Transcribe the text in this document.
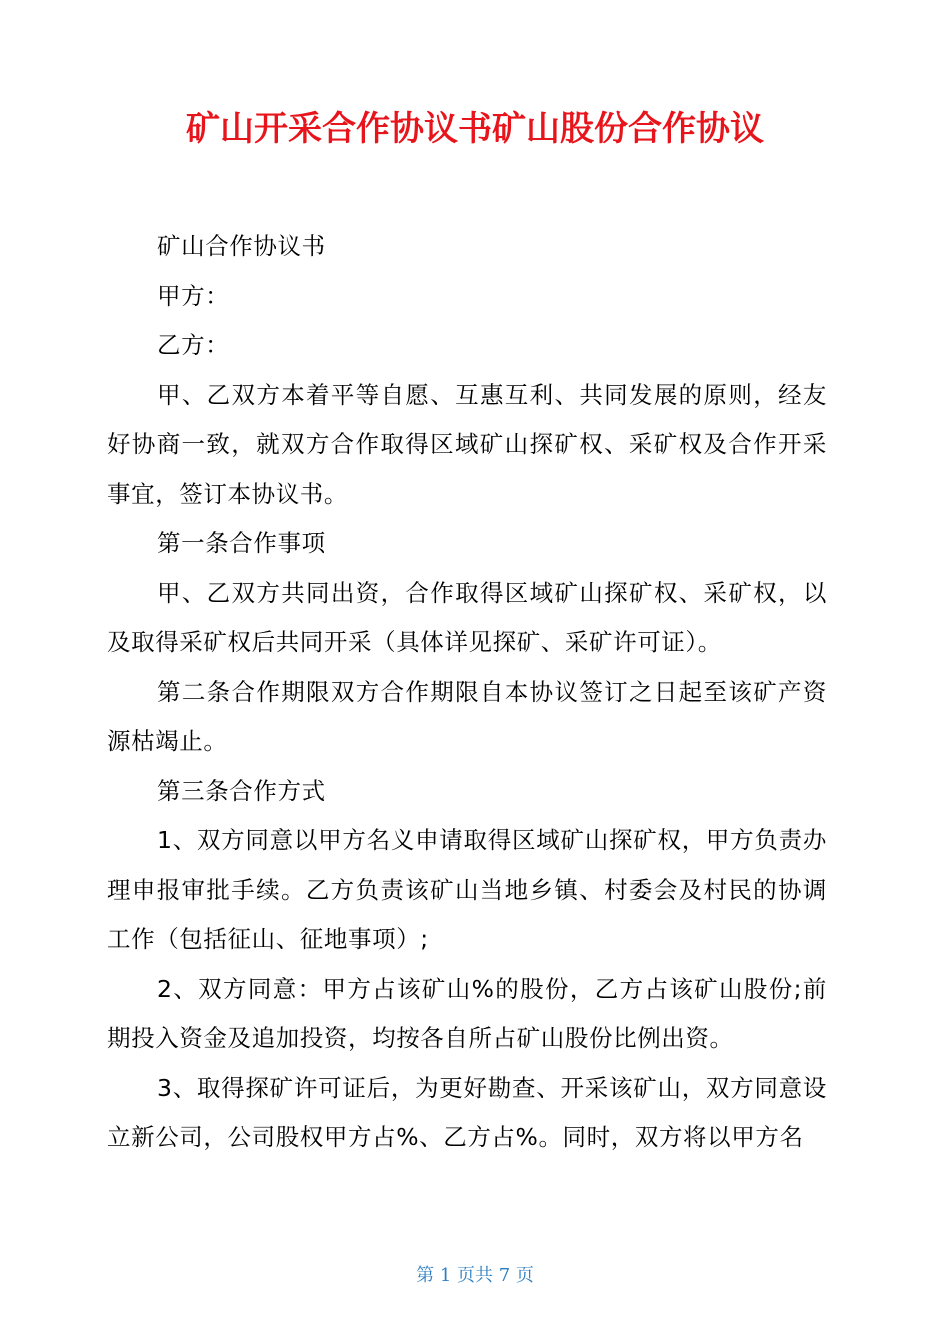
矿山开采合作协议书矿山股份合作协议

矿山合作协议书

甲方：

乙方：

甲、乙双方本着平等自愿、互惠互利、共同发展的原则，经友好协商一致，就双方合作取得区域矿山探矿权、采矿权及合作开采事宜，签订本协议书。

第一条合作事项

甲、乙双方共同出资，合作取得区域矿山探矿权、采矿权，以及取得采矿权后共同开采（具体详见探矿、采矿许可证）。

第二条合作期限双方合作期限自本协议签订之日起至该矿产资源枯竭止。

第三条合作方式

1、双方同意以甲方名义申请取得区域矿山探矿权，甲方负责办理申报审批手续。乙方负责该矿山当地乡镇、村委会及村民的协调工作（包括征山、征地事项）;

2、双方同意：甲方占该矿山%的股份，乙方占该矿山股份;前期投入资金及追加投资，均按各自所占矿山股份比例出资。

3、取得探矿许可证后，为更好勘查、开采该矿山，双方同意设立新公司，公司股权甲方占%、乙方占%。同时，双方将以甲方名

第 1 页共 7 页
